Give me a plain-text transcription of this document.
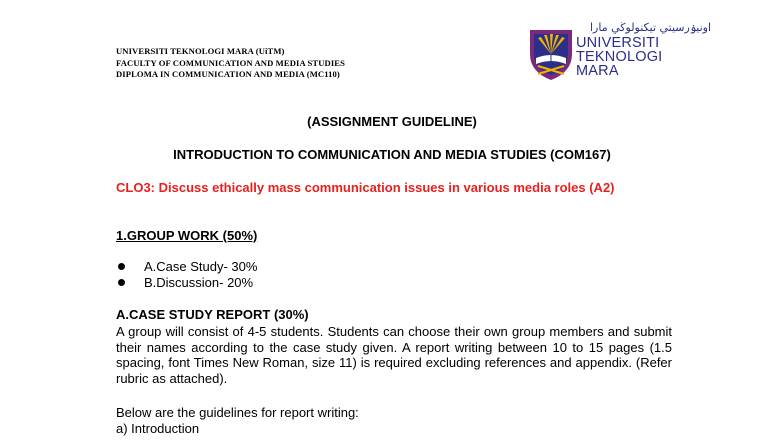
UNIVERSITI TEKNOLOGI MARA (UiTM)
FACULTY OF COMMUNICATION AND MEDIA STUDIES
DIPLOMA IN COMMUNICATION AND MEDIA (MC110)
اونيۏرسيتي تيكنولوڬي مارا
UNIVERSITI
TEKNOLOGI
MARA
(ASSIGNMENT GUIDELINE)
INTRODUCTION TO COMMUNICATION AND MEDIA STUDIES (COM167)
CLO3: Discuss ethically mass communication issues in various media roles (A2)
1.GROUP WORK (50%)
A.Case Study- 30%
B.Discussion- 20%
A.CASE STUDY REPORT (30%)
A group will consist of 4-5 students. Students can choose their own group members and submit their names according to the case study given. A report writing between 10 to 15 pages (1.5 spacing, font Times New Roman, size 11) is required excluding references and appendix. (Refer rubric as attached).
Below are the guidelines for report writing:
a) Introduction
